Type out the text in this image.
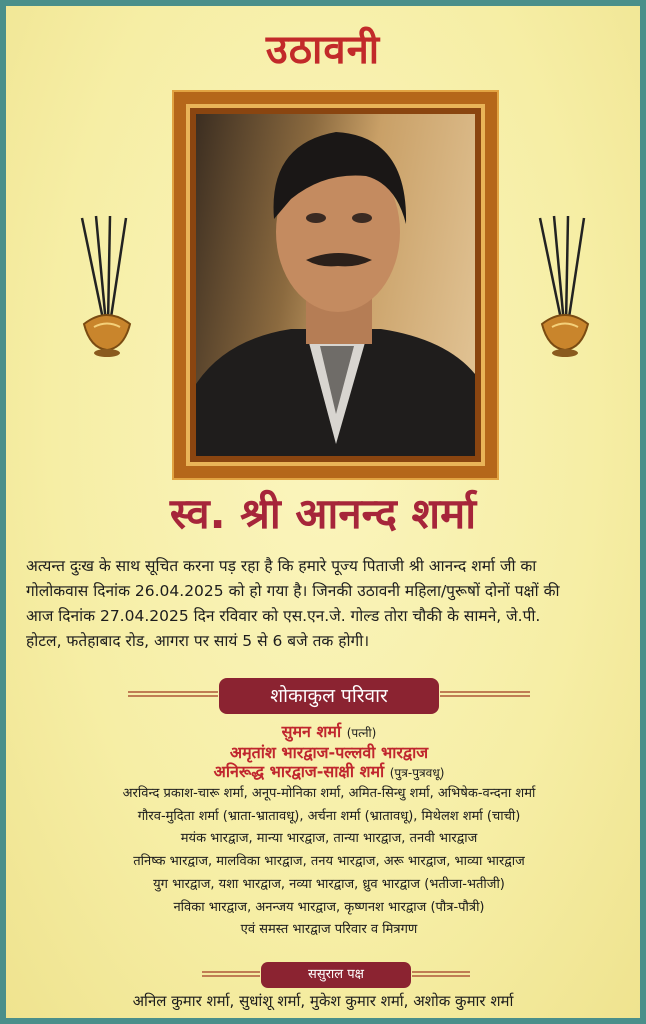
उठावनी
स्व. श्री आनन्द शर्मा

अत्यन्त दुःख के साथ सूचित करना पड़ रहा है कि हमारे पूज्य पिताजी श्री आनन्द शर्मा जी का
गोलोकवास दिनांक 26.04.2025 को हो गया है। जिनकी उठावनी महिला/पुरूषों दोनों पक्षों की
आज दिनांक 27.04.2025 दिन रविवार को एस.एन.जे. गोल्ड तोरा चौकी के सामने, जे.पी.
होटल, फतेहाबाद रोड, आगरा पर सायं 5 से 6 बजे तक होगी।

शोकाकुल परिवार
सुमन शर्मा (पत्नी)
अमृतांश भारद्वाज-पल्लवी भारद्वाज
अनिरूद्ध भारद्वाज-साक्षी शर्मा (पुत्र-पुत्रवधू)
अरविन्द प्रकाश-चारू शर्मा, अनूप-मोनिका शर्मा, अमित-सिन्धु शर्मा, अभिषेक-वन्दना शर्मा
गौरव-मुदिता शर्मा (भ्राता-भ्रातावधू), अर्चना शर्मा (भ्रातावधू), मिथेलश शर्मा (चाची)
मयंक भारद्वाज, मान्या भारद्वाज, तान्या भारद्वाज, तनवी भारद्वाज
तनिष्क भारद्वाज, मालविका भारद्वाज, तनय भारद्वाज, अरू भारद्वाज, भाव्या भारद्वाज
युग भारद्वाज, यशा भारद्वाज, नव्या भारद्वाज, ध्रुव भारद्वाज (भतीजा-भतीजी)
नविका भारद्वाज, अनन्जय भारद्वाज, कृष्णनश भारद्वाज (पौत्र-पौत्री)
एवं समस्त भारद्वाज परिवार व मित्रगण
ससुराल पक्ष

अनिल कुमार शर्मा, सुधांशू शर्मा, मुकेश कुमार शर्मा, अशोक कुमार शर्मा
